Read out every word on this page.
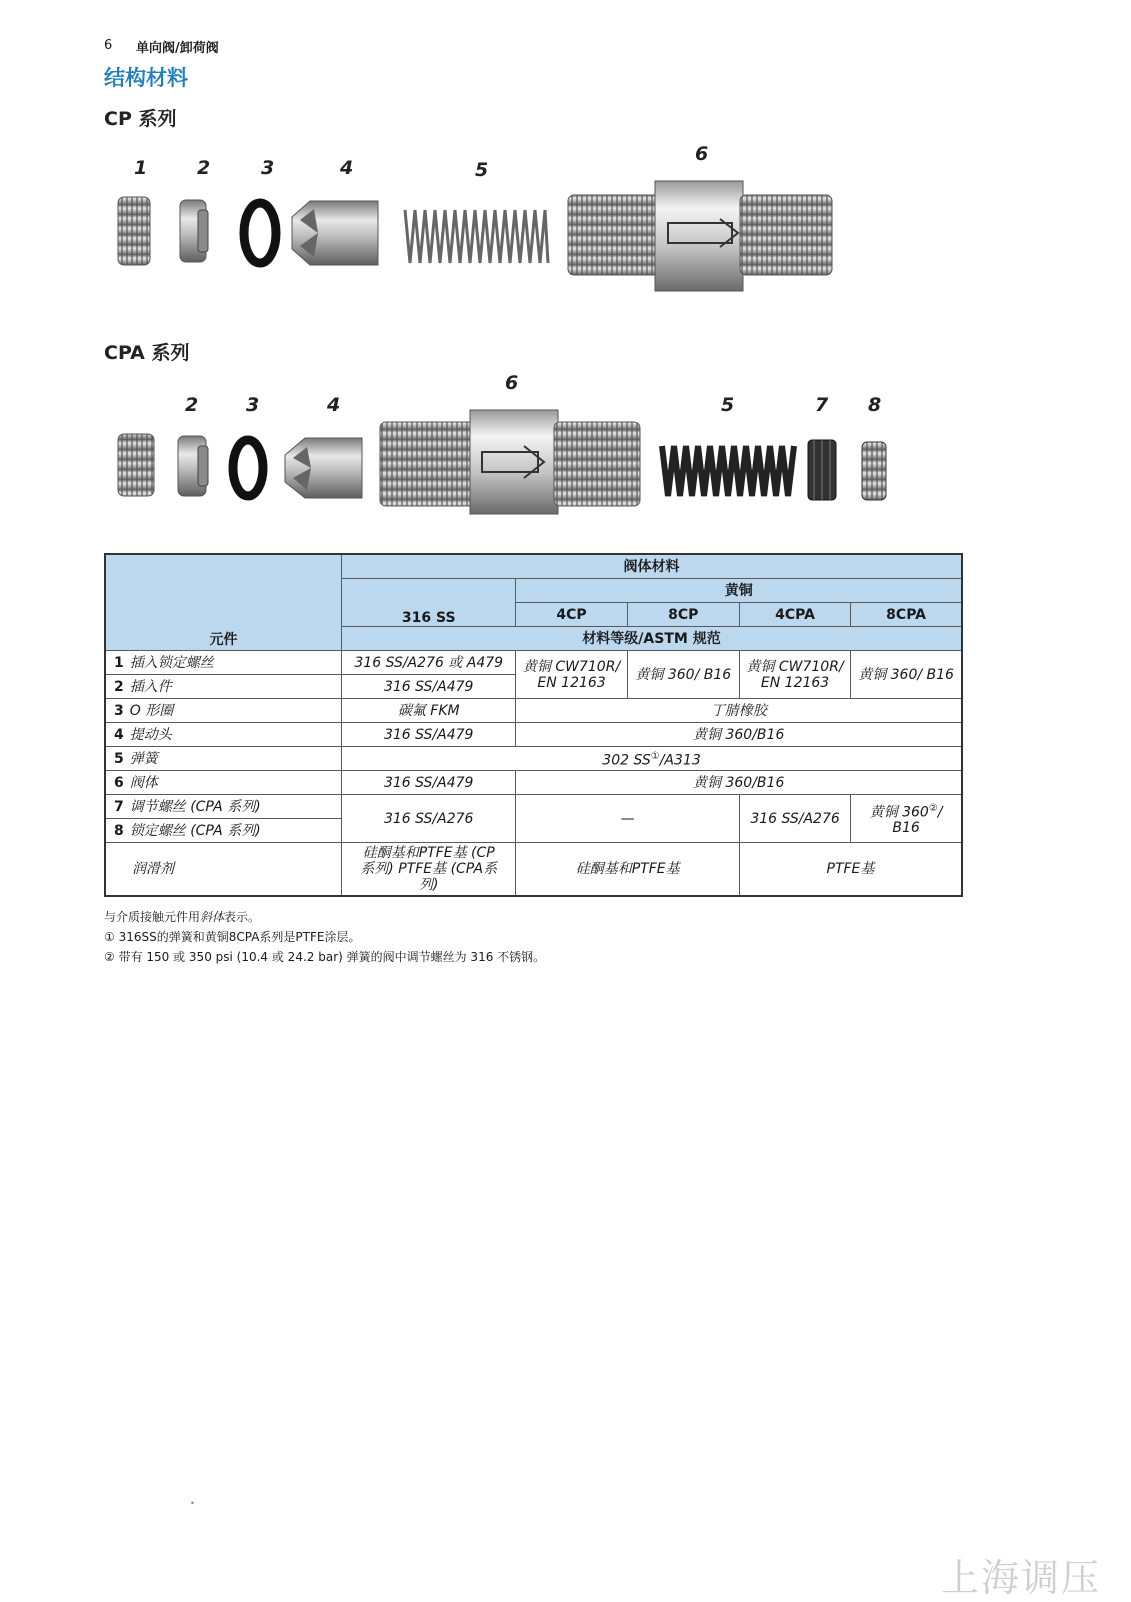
6 单向阀/卸荷阀
结构材料
CP 系列
1	2	3	4	5
6
CPA 系列
2	3	4
6
5	7 8
元件	阀体材料				
	316 SS	黄铜			
		4CP	8CP	4CPA	8CPA
	材料等级/ASTM 规范				
1 插入锁定螺丝	316 SS/A276 或 A479	黄铜 CW710R/ EN 12163	黄铜 360/ B16	黄铜 CW710R/ EN 12163	黄铜 360/ B16
2 插入件	316 SS/A479				
3 O 形圈	碳氟 FKM	丁腈橡胶			
4 提动头	316 SS/A479	黄铜 360/B16			
5 弹簧	302 SS①/A313				
6 阀体	316 SS/A479	黄铜 360/B16			
7 调节螺丝 (CPA 系列)	316 SS/A276	—		316 SS/A276	黄铜 360②/ B16
8 锁定螺丝 (CPA 系列)					
润滑剂	硅酮基和PTFE基 (CP系列) PTFE基 (CPA系列)	硅酮基和PTFE基		PTFE基	
与介质接触元件用斜体表示。
① 316SS的弹簧和黄铜8CPA系列是PTFE涂层。
② 带有 150 或 350 psi (10.4 或 24.2 bar) 弹簧的阀中调节螺丝为 316 不锈钢。
•
上海调压
